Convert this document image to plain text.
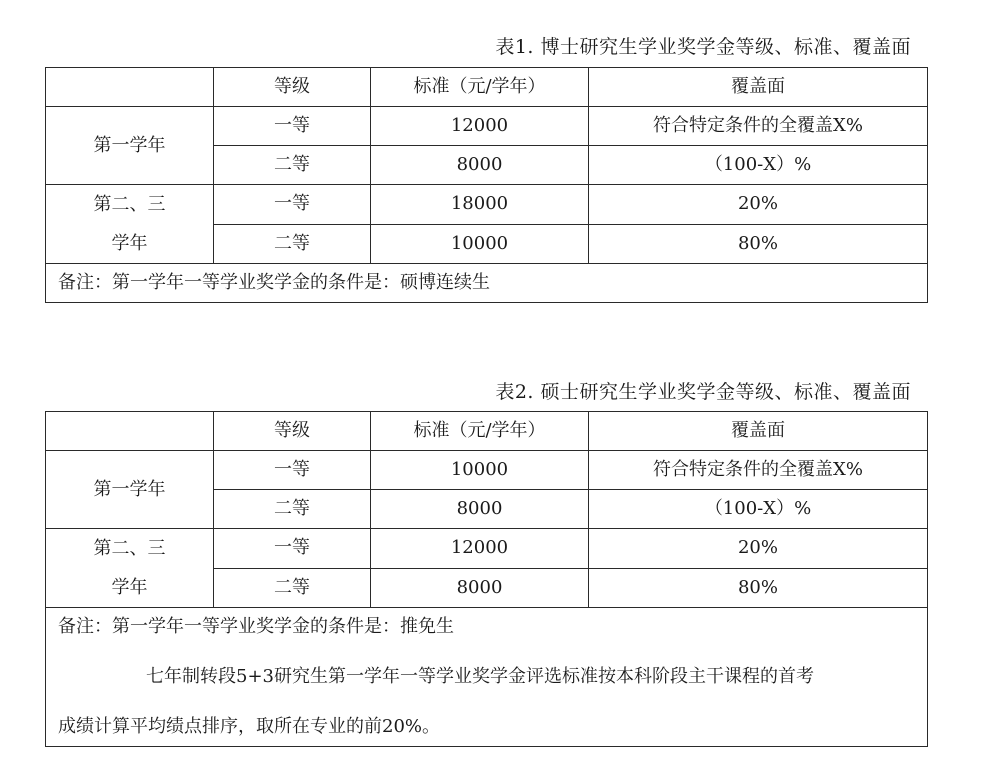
表1. 博士研究生学业奖学金等级、标准、覆盖面
	等级	标准（元/学年）	覆盖面
第一学年	一等	12000	符合特定条件的全覆盖X%
	二等	8000	（100-X）%

第二、三
学年	一等	18000	20%
	二等	10000	80%
备注：第一学年一等学业奖学金的条件是：硕博连续生			
表2. 硕士研究生学业奖学金等级、标准、覆盖面
	等级	标准（元/学年）	覆盖面
第一学年	一等	10000	符合特定条件的全覆盖X%
	二等	8000	（100-X）%

第二、三
学年	一等	12000	20%
	二等	8000	80%

备注：第一学年一等学业奖学金的条件是：推免生
七年制转段5+3研究生第一学年一等学业奖学金评选标准按本科阶段主干课程的首考
成绩计算平均绩点排序，取所在专业的前20%。			
